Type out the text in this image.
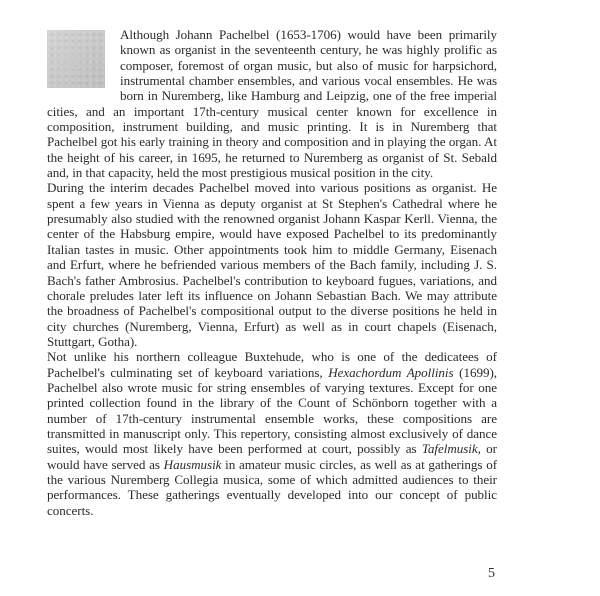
Although Johann Pachelbel (1653-1706) would have been primarily known as organist in the seventeenth century, he was highly prolific as composer, foremost of organ music, but also of music for harpsichord, instrumental chamber ensembles, and various vocal ensembles. He was born in Nuremberg, like Hamburg and Leipzig, one of the free imperial cities, and an important 17th-century musical center known for excellence in composition, instrument building, and music printing. It is in Nuremberg that Pachelbel got his early training in theory and composition and in playing the organ. At the height of his career, in 1695, he returned to Nuremberg as organist of St. Sebald and, in that capacity, held the most prestigious musical position in the city.

During the interim decades Pachelbel moved into various positions as organist. He spent a few years in Vienna as deputy organist at St Stephen's Cathedral where he presumably also studied with the renowned organist Johann Kaspar Kerll. Vienna, the center of the Habsburg empire, would have exposed Pachelbel to its predominantly Italian tastes in music. Other appointments took him to middle Germany, Eisenach and Erfurt, where he befriended various members of the Bach family, including J. S. Bach's father Ambrosius. Pachelbel's contribution to keyboard fugues, variations, and chorale preludes later left its influence on Johann Sebastian Bach. We may attribute the broadness of Pachelbel's compositional output to the diverse positions he held in city churches (Nuremberg, Vienna, Erfurt) as well as in court chapels (Eisenach, Stuttgart, Gotha).

Not unlike his northern colleague Buxtehude, who is one of the dedicatees of Pachelbel's culminating set of keyboard variations, Hexachordum Apollinis (1699), Pachelbel also wrote music for string ensembles of varying textures. Except for one printed collection found in the library of the Count of Schönborn together with a number of 17th-century instrumental ensemble works, these compositions are transmitted in manuscript only. This repertory, consisting almost exclusively of dance suites, would most likely have been performed at court, possibly as Tafelmusik, or would have served as Hausmusik in amateur music circles, as well as at gatherings of the various Nuremberg Collegia musica, some of which admitted audiences to their performances. These gatherings eventually developed into our concept of public concerts.

5
